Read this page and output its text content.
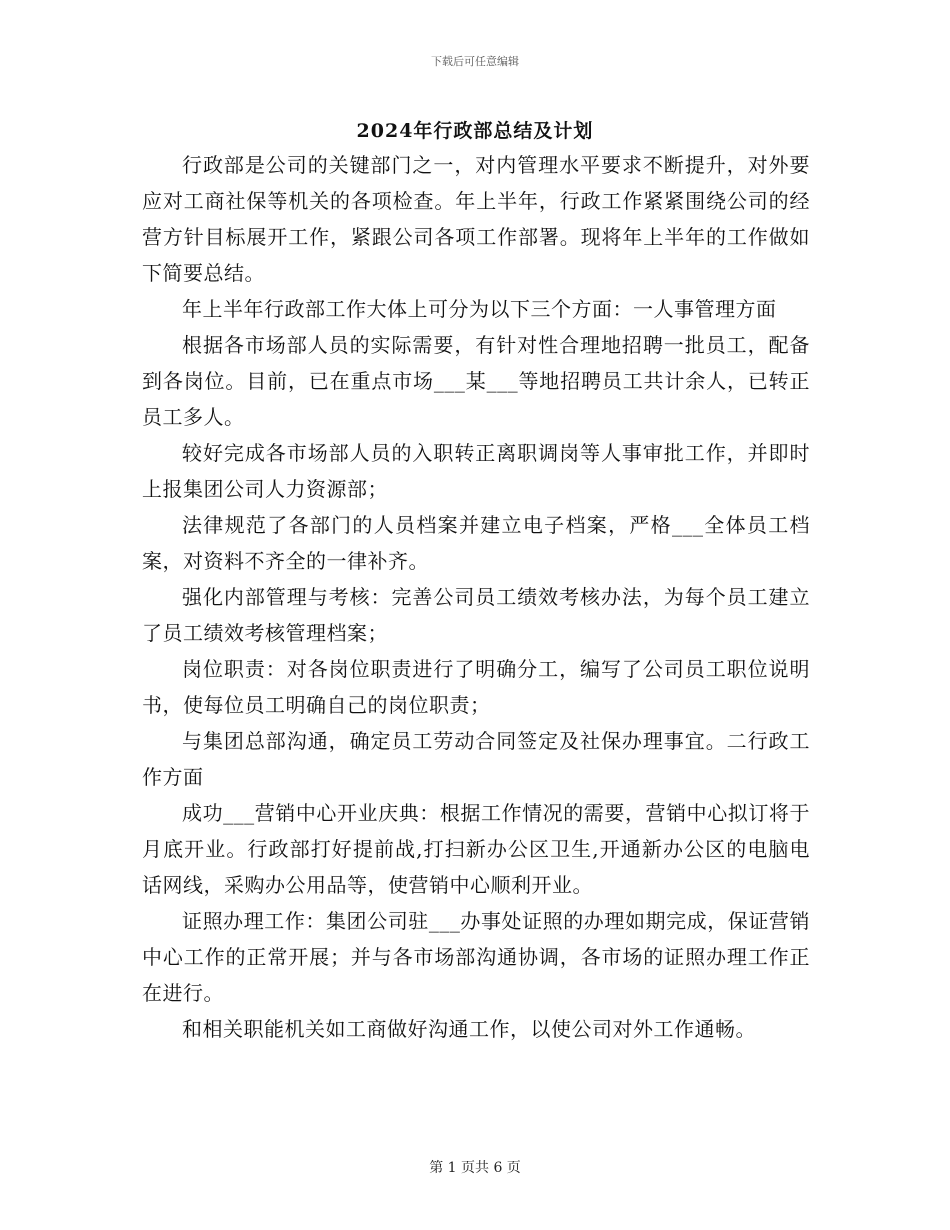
下载后可任意编辑
2024年行政部总结及计划

行政部是公司的关键部门之一，对内管理水平要求不断提升，对外要应对工商社保等机关的各项检查。年上半年，行政工作紧紧围绕公司的经营方针目标展开工作，紧跟公司各项工作部署。现将年上半年的工作做如下简要总结。

年上半年行政部工作大体上可分为以下三个方面：一人事管理方面

根据各市场部人员的实际需要，有针对性合理地招聘一批员工，配备到各岗位。目前，已在重点市场___某___等地招聘员工共计余人，已转正员工多人。

较好完成各市场部人员的入职转正离职调岗等人事审批工作，并即时上报集团公司人力资源部；

法律规范了各部门的人员档案并建立电子档案，严格___全体员工档案，对资料不齐全的一律补齐。

强化内部管理与考核：完善公司员工绩效考核办法，为每个员工建立了员工绩效考核管理档案；

岗位职责：对各岗位职责进行了明确分工，编写了公司员工职位说明书，使每位员工明确自己的岗位职责；

与集团总部沟通，确定员工劳动合同签定及社保办理事宜。二行政工作方面

成功___营销中心开业庆典：根据工作情况的需要，营销中心拟订将于月底开业。行政部打好提前战,打扫新办公区卫生,开通新办公区的电脑电话网线，采购办公用品等，使营销中心顺利开业。

证照办理工作：集团公司驻___办事处证照的办理如期完成，保证营销中心工作的正常开展；并与各市场部沟通协调，各市场的证照办理工作正在进行。

和相关职能机关如工商做好沟通工作，以使公司对外工作通畅。

第 1 页共 6 页
